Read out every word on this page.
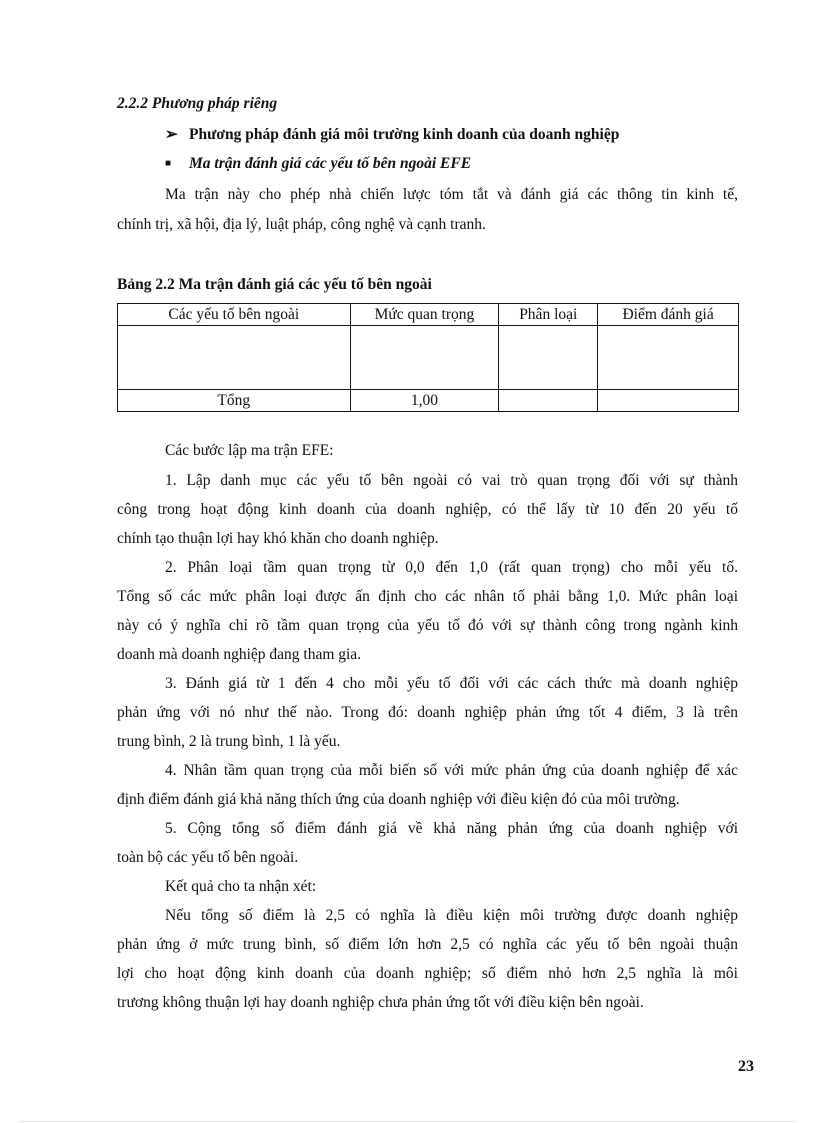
2.2.2 Phương pháp riêng
➢ Phương pháp đánh giá môi trường kinh doanh của doanh nghiệp
■ Ma trận đánh giá các yếu tố bên ngoài EFE
Ma trận này cho phép nhà chiến lược tóm tắt và đánh giá các thông tin kinh tế,
chính trị, xã hội, địa lý, luật pháp, công nghệ và cạnh tranh.
Bảng 2.2 Ma trận đánh giá các yếu tố bên ngoài
Các yếu tố bên ngoài	Mức quan trọng	Phân loại	Điểm đánh giá

Tổng	1,00		
Các bước lập ma trận EFE:
1. Lập danh mục các yếu tố bên ngoài có vai trò quan trọng đối với sự thành
công trong hoạt động kinh doanh của doanh nghiệp, có thể lấy từ 10 đến 20 yếu tố
chính tạo thuận lợi hay khó khăn cho doanh nghiệp.
2. Phân loại tầm quan trọng từ 0,0 đến 1,0 (rất quan trọng) cho mỗi yếu tố.
Tổng số các mức phân loại được ấn định cho các nhân tố phải bằng 1,0. Mức phân loại
này có ý nghĩa chỉ rõ tầm quan trọng của yếu tố đó với sự thành công trong ngành kinh
doanh mà doanh nghiệp đang tham gia.
3. Đánh giá từ 1 đến 4 cho mỗi yếu tố đối với các cách thức mà doanh nghiệp
phản ứng với nó như thế nào. Trong đó: doanh nghiệp phản ứng tốt 4 điểm, 3 là trên
trung bình, 2 là trung bình, 1 là yếu.
4. Nhân tầm quan trọng của mỗi biến số với mức phản ứng của doanh nghiệp để xác
định điểm đánh giá khả năng thích ứng của doanh nghiệp với điều kiện đó của môi trường.
5. Cộng tổng số điểm đánh giá về khả năng phản ứng của doanh nghiệp với
toàn bộ các yếu tố bên ngoài.
Kết quả cho ta nhận xét:
Nếu tổng số điểm là 2,5 có nghĩa là điều kiện môi trường được doanh nghiệp
phản ứng ở mức trung bình, số điểm lớn hơn 2,5 có nghĩa các yếu tố bên ngoài thuận
lợi cho hoạt động kinh doanh của doanh nghiệp; số điểm nhỏ hơn 2,5 nghĩa là môi
trương không thuận lợi hay doanh nghiệp chưa phản ứng tốt với điều kiện bên ngoài.
23
